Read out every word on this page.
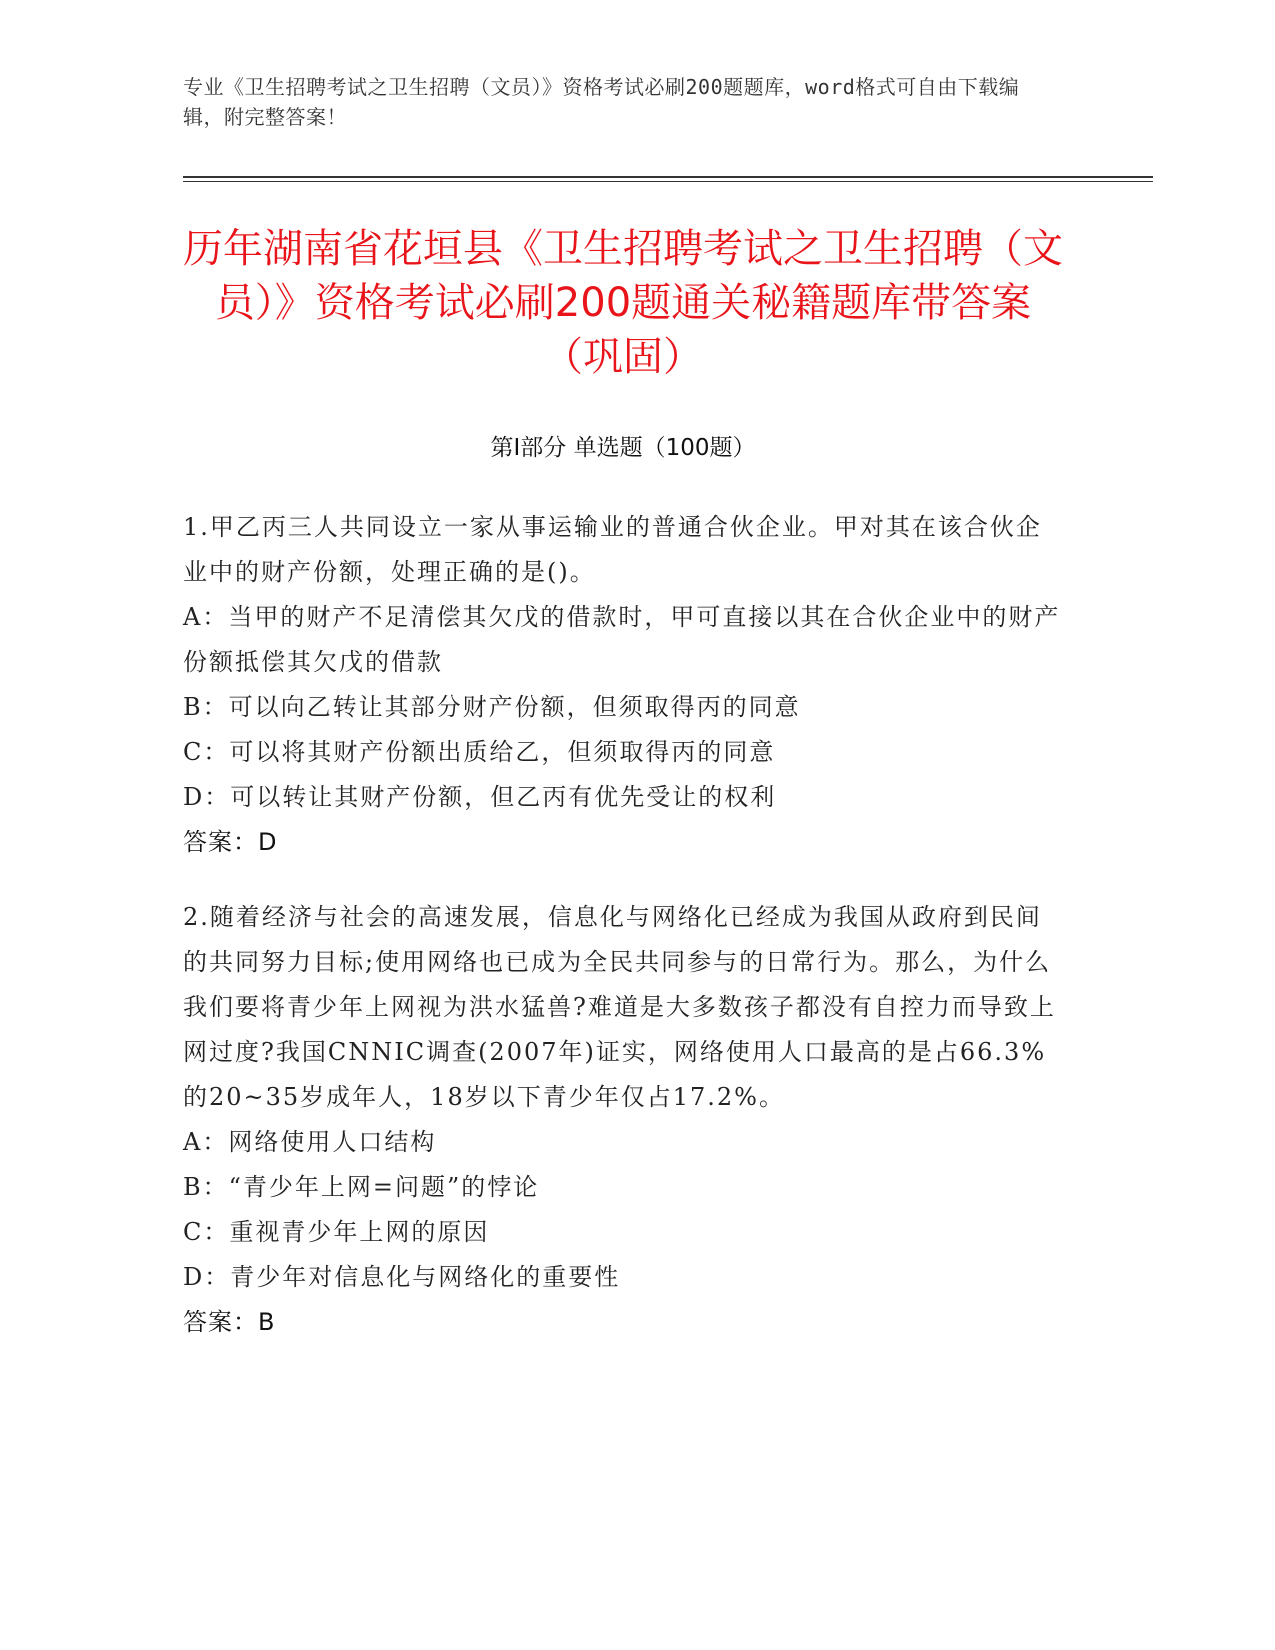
专业《卫生招聘考试之卫生招聘（文员）》资格考试必刷200题题库，word格式可自由下载编辑，附完整答案！
历年湖南省花垣县《卫生招聘考试之卫生招聘（文员）》资格考试必刷200题通关秘籍题库带答案（巩固）
第I部分 单选题（100题）

1.甲乙丙三人共同设立一家从事运输业的普通合伙企业。甲对其在该合伙企业中的财产份额，处理正确的是()。

A：当甲的财产不足清偿其欠戊的借款时，甲可直接以其在合伙企业中的财产份额抵偿其欠戊的借款

B：可以向乙转让其部分财产份额，但须取得丙的同意

C：可以将其财产份额出质给乙，但须取得丙的同意

D：可以转让其财产份额，但乙丙有优先受让的权利

答案：D

2.随着经济与社会的高速发展，信息化与网络化已经成为我国从政府到民间的共同努力目标;使用网络也已成为全民共同参与的日常行为。那么，为什么我们要将青少年上网视为洪水猛兽?难道是大多数孩子都没有自控力而导致上网过度?我国CNNIC调查(2007年)证实，网络使用人口最高的是占66.3%的20~35岁成年人，18岁以下青少年仅占17.2%。

A：网络使用人口结构

B：“青少年上网=问题”的悖论

C：重视青少年上网的原因

D：青少年对信息化与网络化的重要性

答案：B
